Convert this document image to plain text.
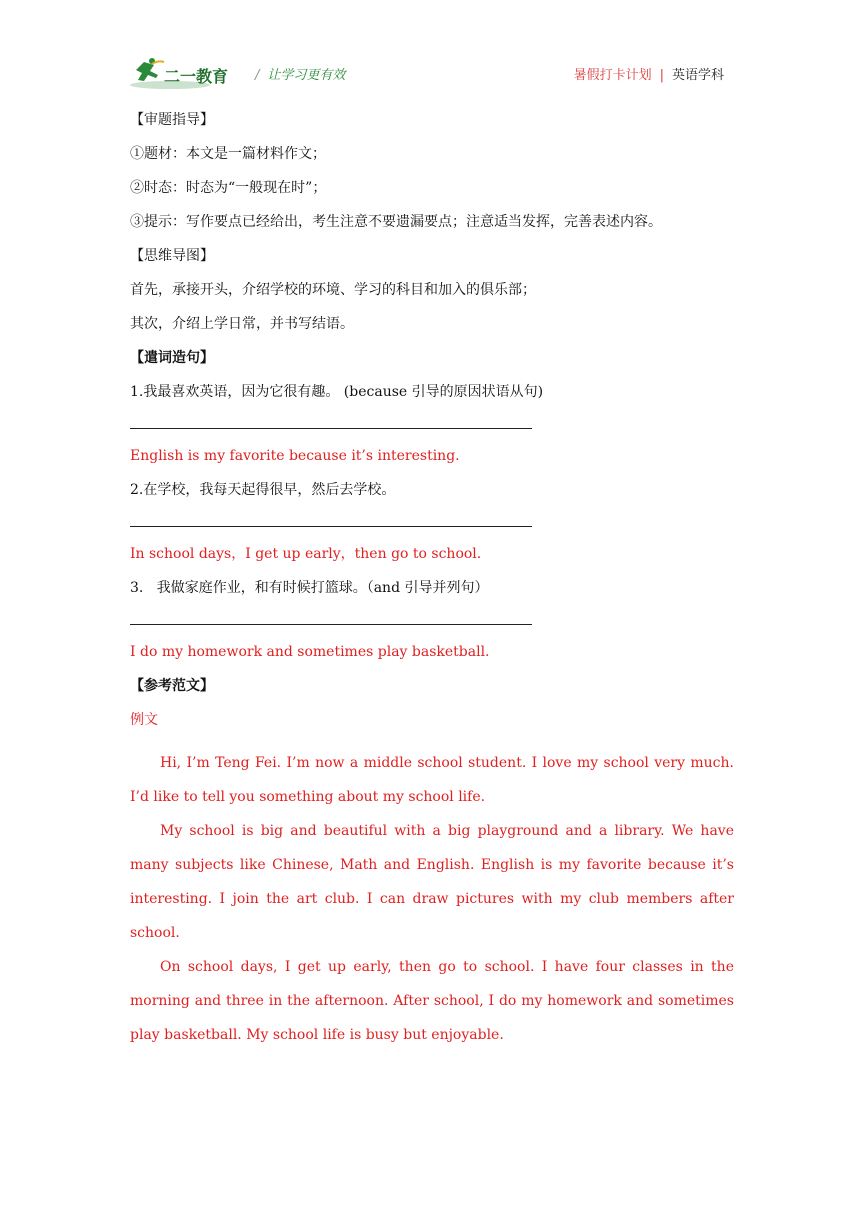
二一教育 / 让学习更有效	暑假打卡计划 | 英语学科
【审题指导】
①题材：本文是一篇材料作文；
②时态：时态为“一般现在时”；
③提示：写作要点已经给出，考生注意不要遗漏要点；注意适当发挥，完善表述内容。
【思维导图】
首先，承接开头，介绍学校的环境、学习的科目和加入的俱乐部；
其次，介绍上学日常，并书写结语。
【遣词造句】
1.我最喜欢英语，因为它很有趣。 (because 引导的原因状语从句)
English is my favorite because it’s interesting.
2.在学校，我每天起得很早，然后去学校。
In school days，I get up early，then go to school.
3.   我做家庭作业，和有时候打篮球。（and 引导并列句）
I do my homework and sometimes play basketball.
【参考范文】
例文

Hi, I’m Teng Fei. I’m now a middle school student. I love my school very much. I’d like to tell you something about my school life.

My school is big and beautiful with a big playground and a library. We have many subjects like Chinese, Math and English. English is my favorite because it’s interesting. I join the art club. I can draw pictures with my club members after school.

On school days, I get up early, then go to school. I have four classes in the morning and three in the afternoon. After school, I do my homework and sometimes play basketball. My school life is busy but enjoyable.
